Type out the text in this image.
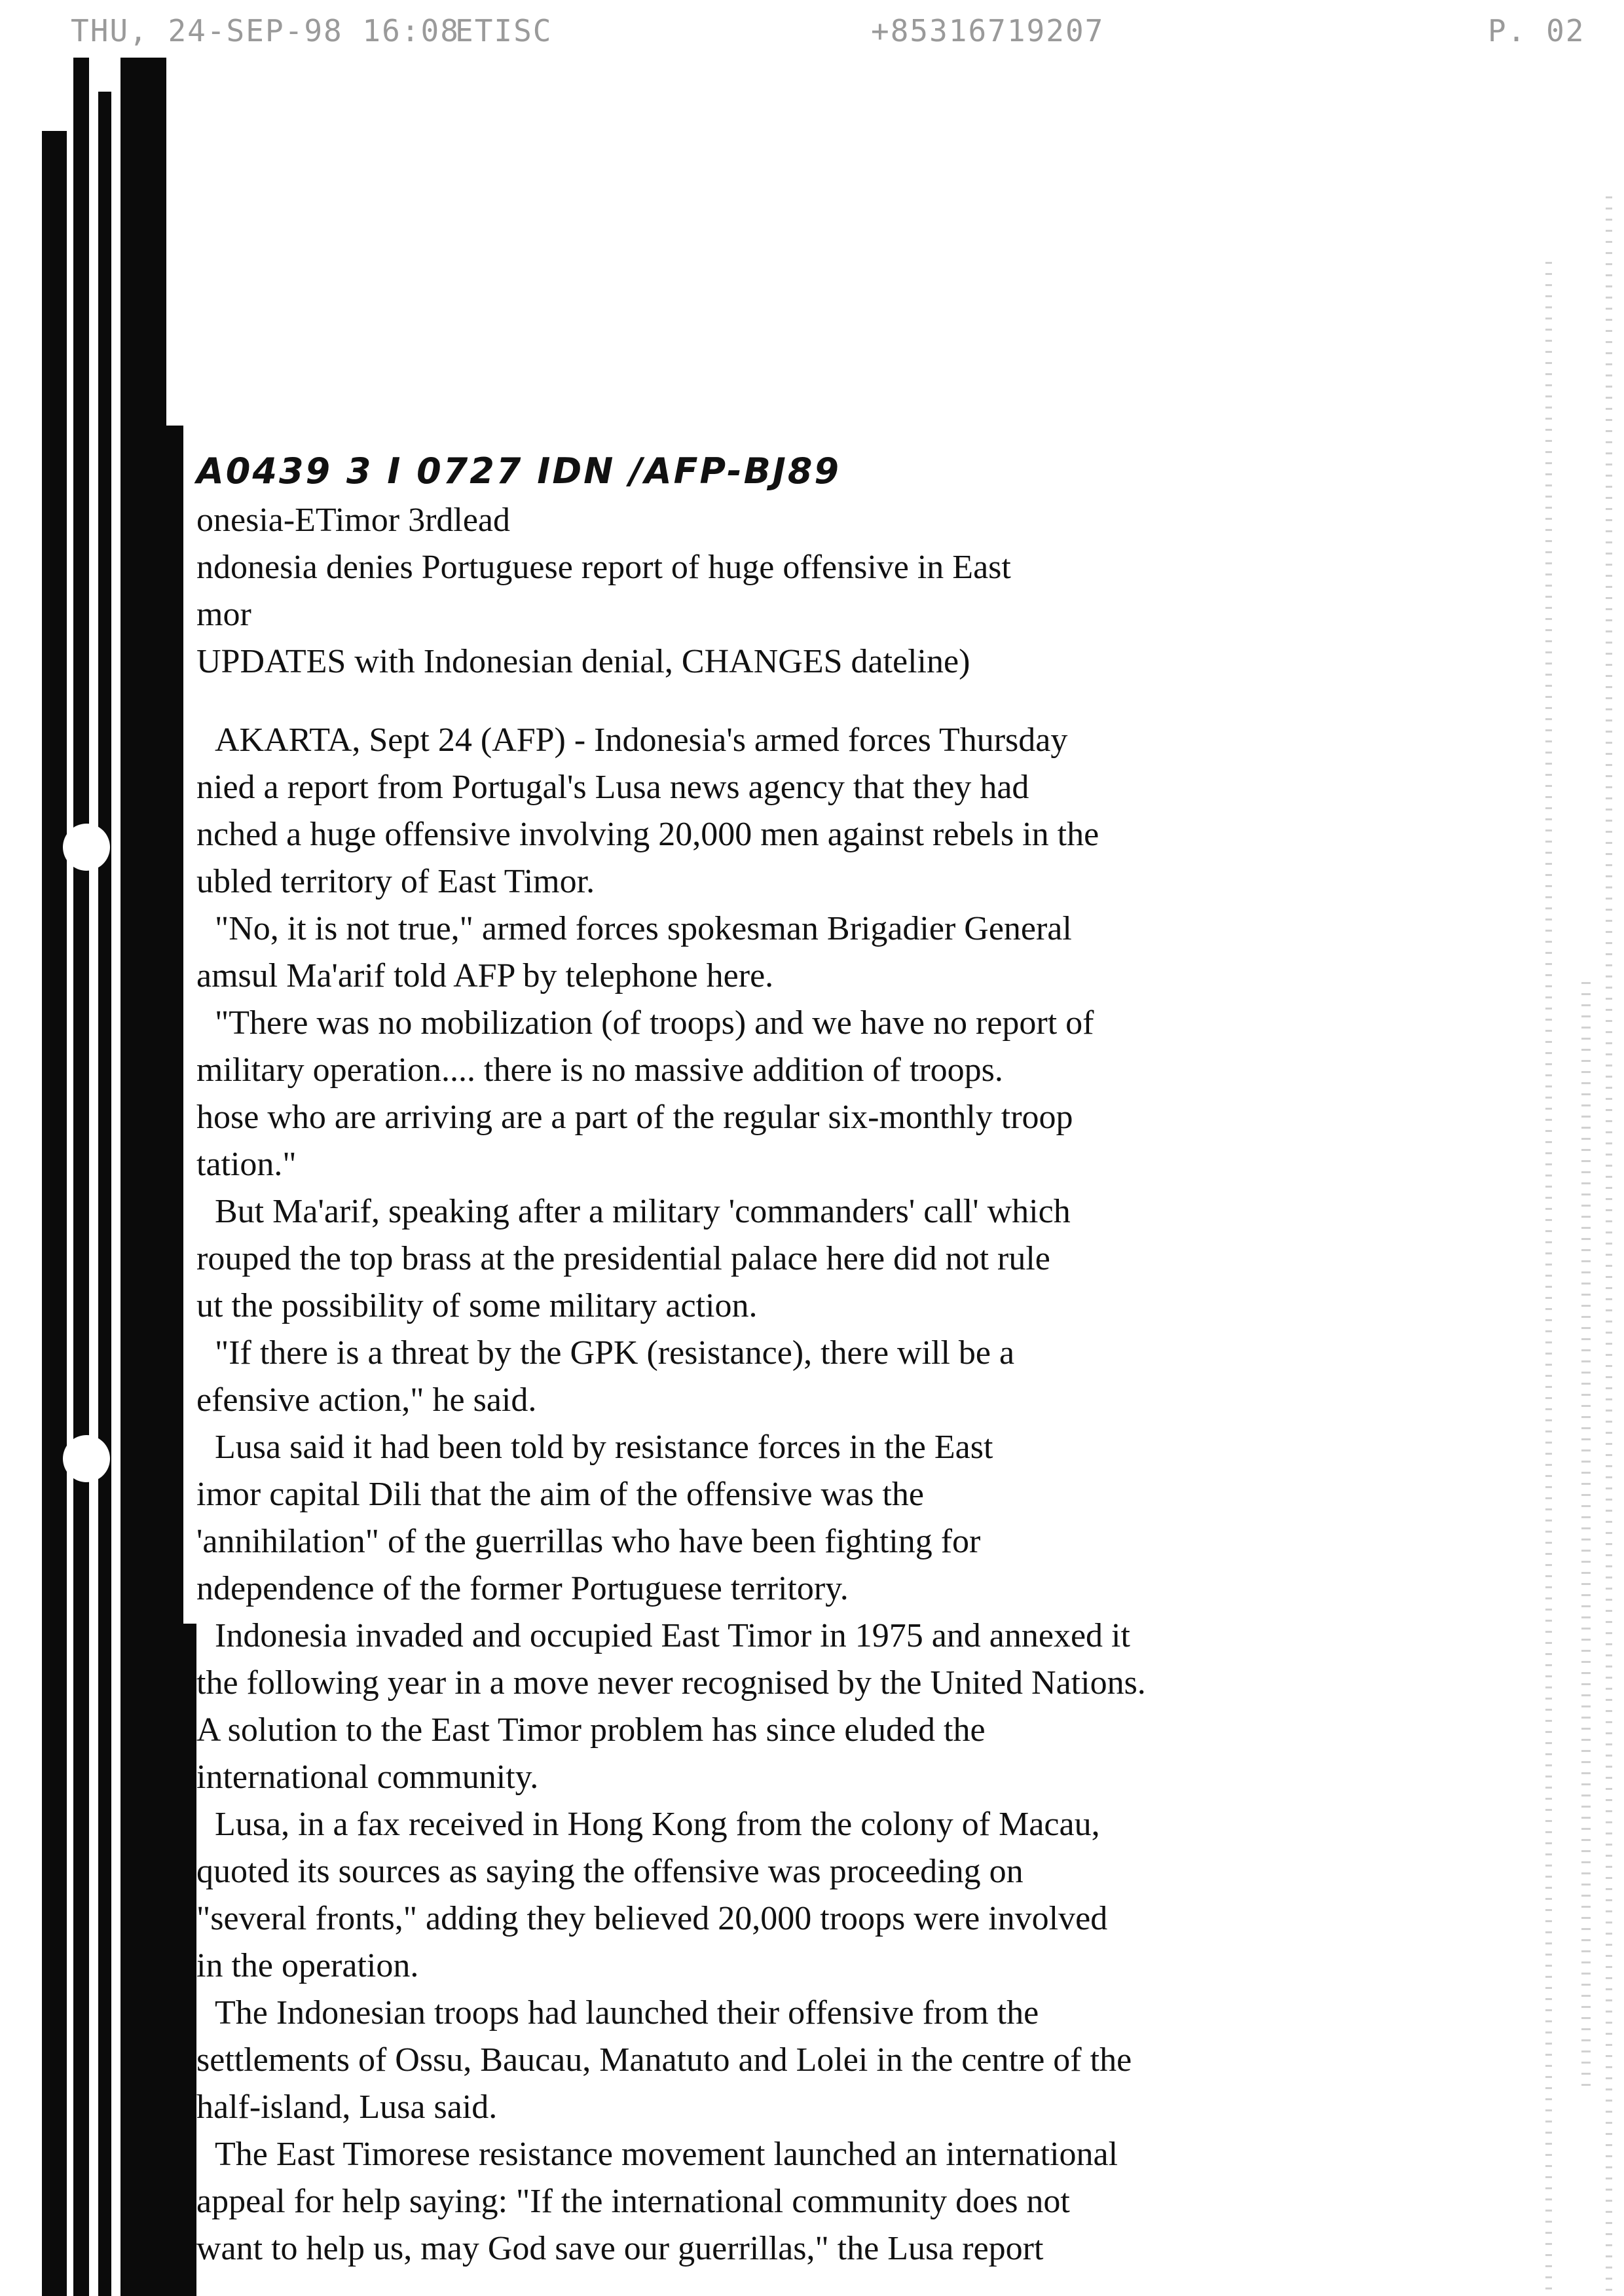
THU, 24-SEP-98 16:08
ETISC	+85316719207	P. 02

A0439 3 I 0727 IDN /AFP-BJ89

onesia-ETimor 3rdlead

ndonesia denies Portuguese report of huge offensive in East

mor

UPDATES with Indonesian denial, CHANGES dateline)

AKARTA, Sept 24 (AFP) - Indonesia's armed forces Thursday

nied a report from Portugal's Lusa news agency that they had

nched a huge offensive involving 20,000 men against rebels in the

ubled territory of East Timor.

"No, it is not true," armed forces spokesman Brigadier General

amsul Ma'arif told AFP by telephone here.

"There was no mobilization (of troops) and we have no report of

military operation.... there is no massive addition of troops.

hose who are arriving are a part of the regular six-monthly troop

tation."

But Ma'arif, speaking after a military 'commanders' call' which

rouped the top brass at the presidential palace here did not rule

ut the possibility of some military action.

"If there is a threat by the GPK (resistance), there will be a

efensive action," he said.

Lusa said it had been told by resistance forces in the East

imor capital Dili that the aim of the offensive was the

'annihilation" of the guerrillas who have been fighting for

ndependence of the former Portuguese territory.

Indonesia invaded and occupied East Timor in 1975 and annexed it

the following year in a move never recognised by the United Nations.

A solution to the East Timor problem has since eluded the

international community.

Lusa, in a fax received in Hong Kong from the colony of Macau,

quoted its sources as saying the offensive was proceeding on

"several fronts," adding they believed 20,000 troops were involved

in the operation.

The Indonesian troops had launched their offensive from the

settlements of Ossu, Baucau, Manatuto and Lolei in the centre of the

half-island, Lusa said.

The East Timorese resistance movement launched an international

appeal for help saying: "If the international community does not

want to help us, may God save our guerrillas," the Lusa report
